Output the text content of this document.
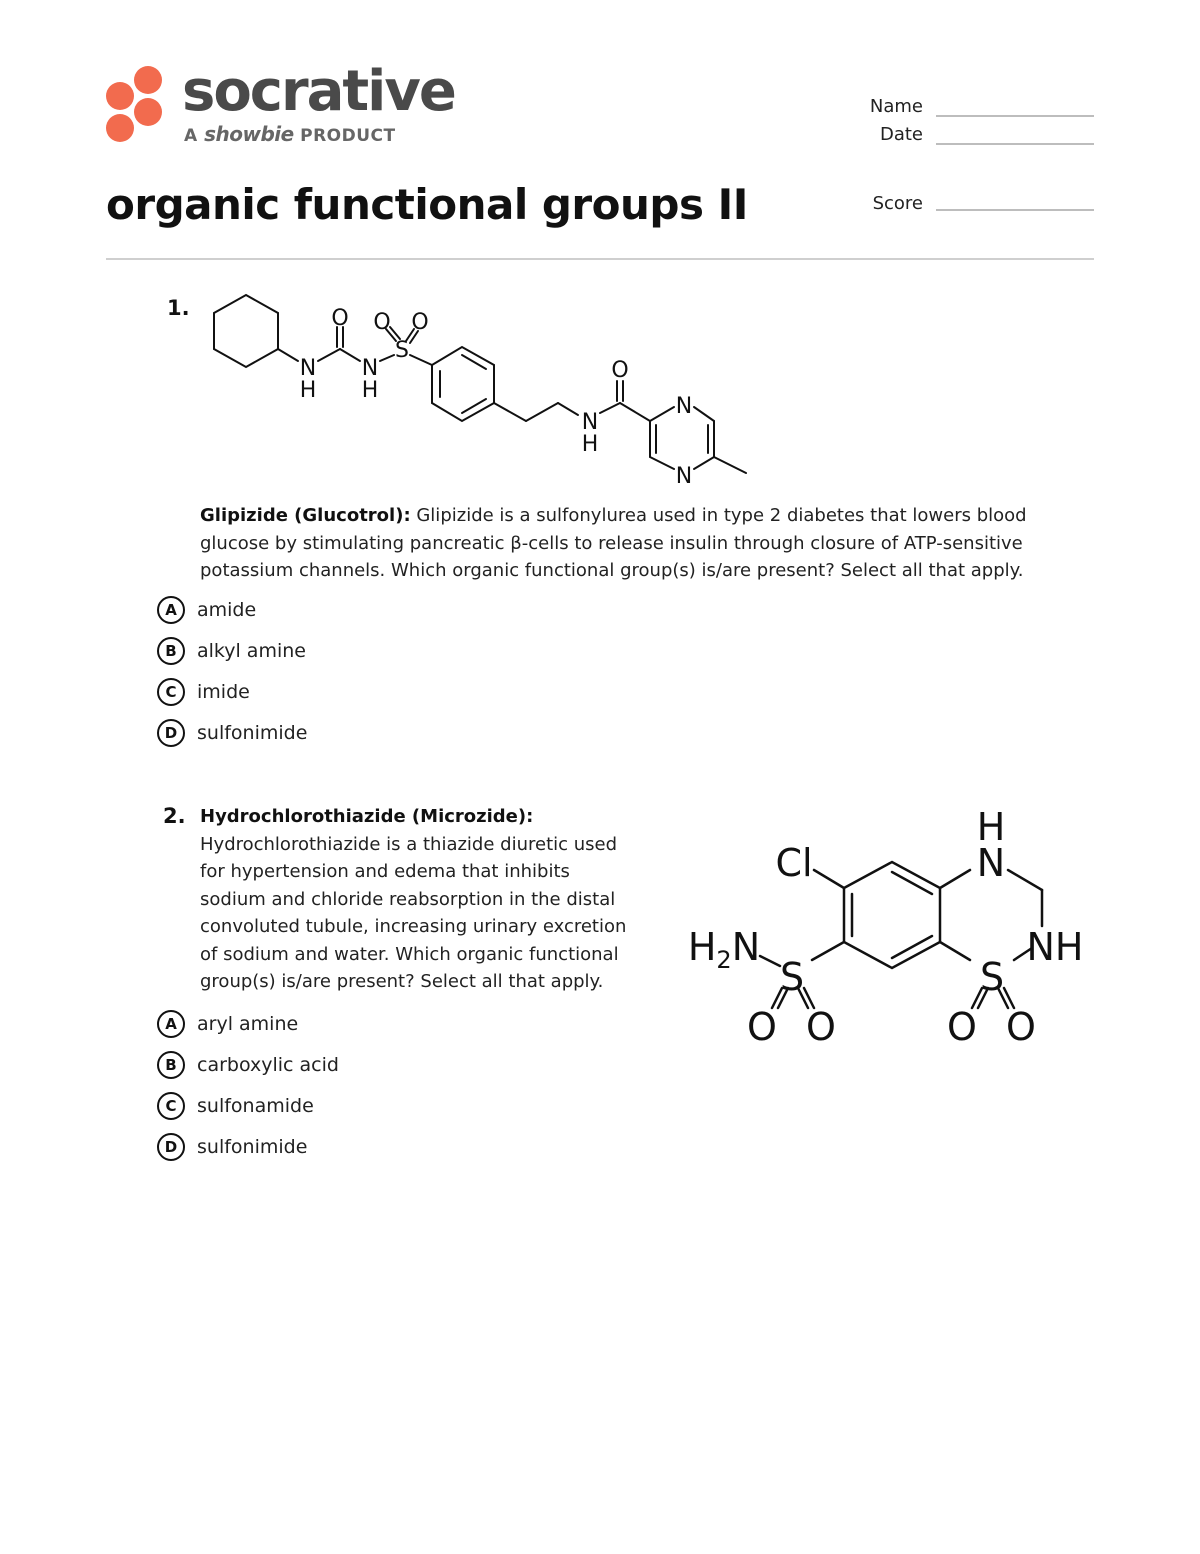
socrative
A showbie PRODUCT
Name
Date
Score
organic functional groups II
1.	O O O
N
H
N
H
S
O
N
H
N
N
Glipizide (Glucotrol): Glipizide is a sulfonylurea used in type 2 diabetes that lowers blood glucose by stimulating pancreatic β-cells to release insulin through closure of ATP-sensitive potassium channels. Which organic functional group(s) is/are present? Select all that apply.
A	amide
B	alkyl amine
C	imide
D	sulfonimide
2. Hydrochlorothiazide (Microzide):
Hydrochlorothiazide is a thiazide diuretic used for hypertension and edema that inhibits sodium and chloride reabsorption in the distal convoluted tubule, increasing urinary excretion of sodium and water. Which organic functional group(s) is/are present? Select all that apply.
Cl
H
N
NH
$H_2N$
S	S
O O	O O
A	aryl amine
B	carboxylic acid
C	sulfonamide
D	sulfonimide
